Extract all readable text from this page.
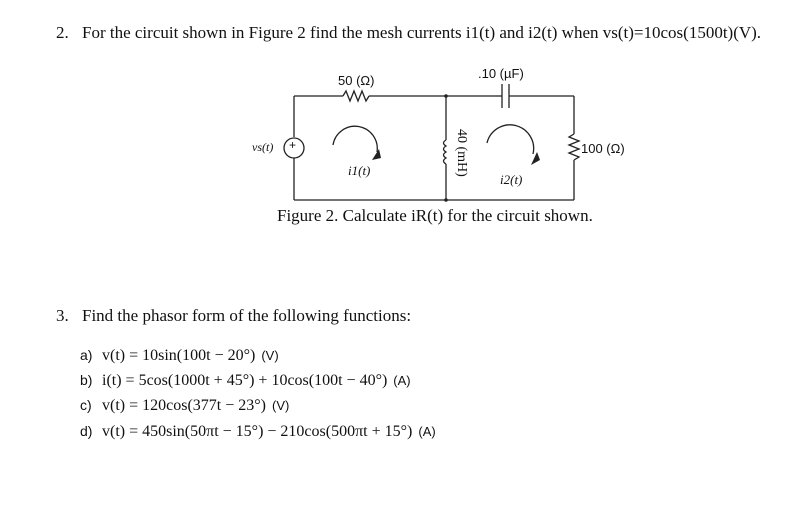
2. For the circuit shown in Figure 2 find the mesh currents i1(t) and i2(t) when vs(t)=10cos(1500t)(V).
50 (Ω)	.10 (µF)
+
vs(t)	40 (mH)	100 (Ω)
i1(t)
i2(t)
Figure 2. Calculate iR(t) for the circuit shown.
3. Find the phasor form of the following functions:
a) v(t) = 10sin(100t − 20°) (V)
b) i(t) = 5cos(1000t + 45°) + 10cos(100t − 40°) (A)
c) v(t) = 120cos(377t − 23°) (V)
d) v(t) = 450sin(50πt − 15°) − 210cos(500πt + 15°) (A)
